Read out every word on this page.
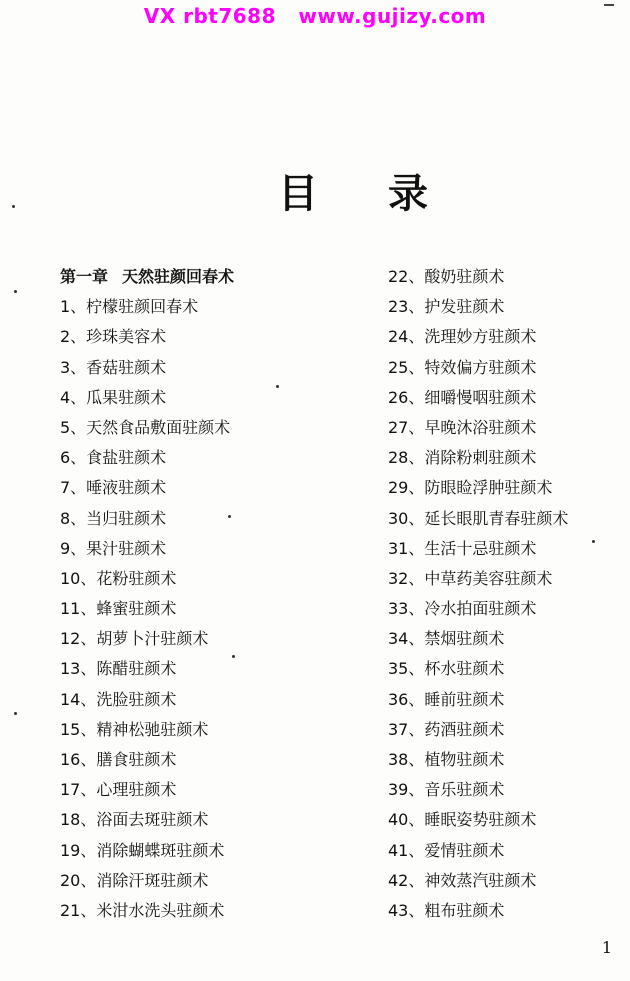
VX rbt7688   www.gujizy.com
目录
第一章 天然驻颜回春术
1、柠檬驻颜回春术
2、珍珠美容术
3、香菇驻颜术
4、瓜果驻颜术
5、天然食品敷面驻颜术
6、食盐驻颜术
7、唾液驻颜术
8、当归驻颜术
9、果汁驻颜术
10、花粉驻颜术
11、蜂蜜驻颜术
12、胡萝卜汁驻颜术
13、陈醋驻颜术
14、洗脸驻颜术
15、精神松驰驻颜术
16、膳食驻颜术
17、心理驻颜术
18、浴面去斑驻颜术
19、消除蝴蝶斑驻颜术
20、消除汗斑驻颜术
21、米泔水洗头驻颜术
22、酸奶驻颜术
23、护发驻颜术
24、洗理妙方驻颜术
25、特效偏方驻颜术
26、细嚼慢咽驻颜术
27、早晚沐浴驻颜术
28、消除粉刺驻颜术
29、防眼睑浮肿驻颜术
30、延长眼肌青春驻颜术
31、生活十忌驻颜术
32、中草药美容驻颜术
33、冷水拍面驻颜术
34、禁烟驻颜术
35、杯水驻颜术
36、睡前驻颜术
37、药酒驻颜术
38、植物驻颜术
39、音乐驻颜术
40、睡眠姿势驻颜术
41、爱情驻颜术
42、神效蒸汽驻颜术
43、粗布驻颜术
1
